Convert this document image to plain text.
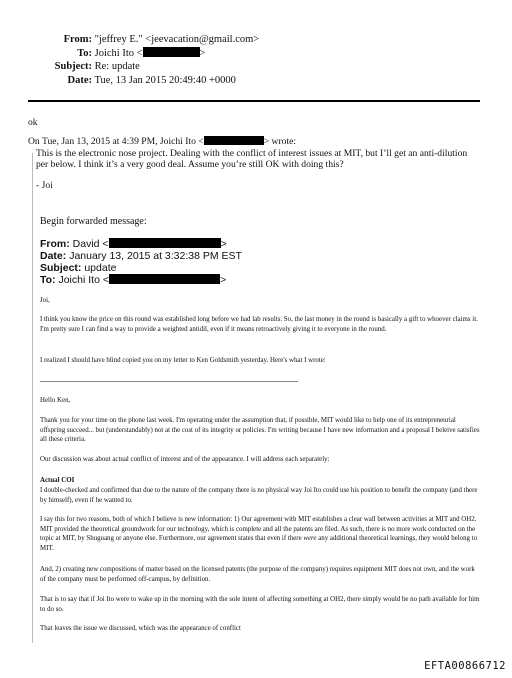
From: "jeffrey E." <jeevacation@gmail.com>
To: Joichi Ito <	>
Subject: Re: update
Date: Tue, 13 Jan 2015 20:49:40 +0000
ok
On Tue, Jan 13, 2015 at 4:39 PM, Joichi Ito <	> wrote:
This is the electronic nose project. Dealing with the conflict of interest issues at MIT, but I’ll get an anti-dilution per below. I think it’s a very good deal. Assume you’re still OK with doing this?
- Joi
Begin forwarded message:
From: David <	>
Date: January 13, 2015 at 3:32:38 PM EST
Subject: update
To: Joichi Ito <	>
Joi,
I think you know the price on this round was established long before we had lab results. So, the last money in the round is basically a gift to whoever claims it. I'm pretty sure I can find a way to provide a weighted antidil, even if it means retroactively giving it to everyone in the round.
I realized I should have blind copied you on my letter to Ken Goldsmith yesterday. Here's what I wrote:
Hello Ken,
Thank you for your time on the phone last week. I'm operating under the assumption that, if possible, MIT would like to help one of its entrepreneurial offspring succeed... but (understandably) not at the cost of its integrity or policies. I'm writing because I have new information and a proposal I beleive satisfies all these criteria.
Our discussion was about actual conflict of interest and of the appearance. I will address each separately:
Actual COI
I double-checked and confirmed that due to the nature of the company there is no physical way Joi Ito could use his position to benefit the company (and there by himself), even if he wanted to.
I say this for two reasons, both of which I believe is new information: 1) Our agreement with MIT establishes a clear wall between activities at MIT and OH2. MIT provided the theoretical groundwork for our technology, which is complete and all the patents are filed. As such, there is no more work conducted on the topic at MIT, by Shuguang or anyone else. Furthermore, our agreement states that even if there were any additional theoretical learnings, they would belong to MIT.
And, 2) creating new compositions of matter based on the licensed patents (the purpose of the company) requires equipment MIT does not own, and the work of the company must be performed off-campus, by definition.
That is to say that if Joi Ito were to wake up in the morning with the sole intent of affecting something at OH2, there simply would be no path available for him to do so.
That leaves the issue we discussed, which was the appearance of conflict
EFTA00866712
